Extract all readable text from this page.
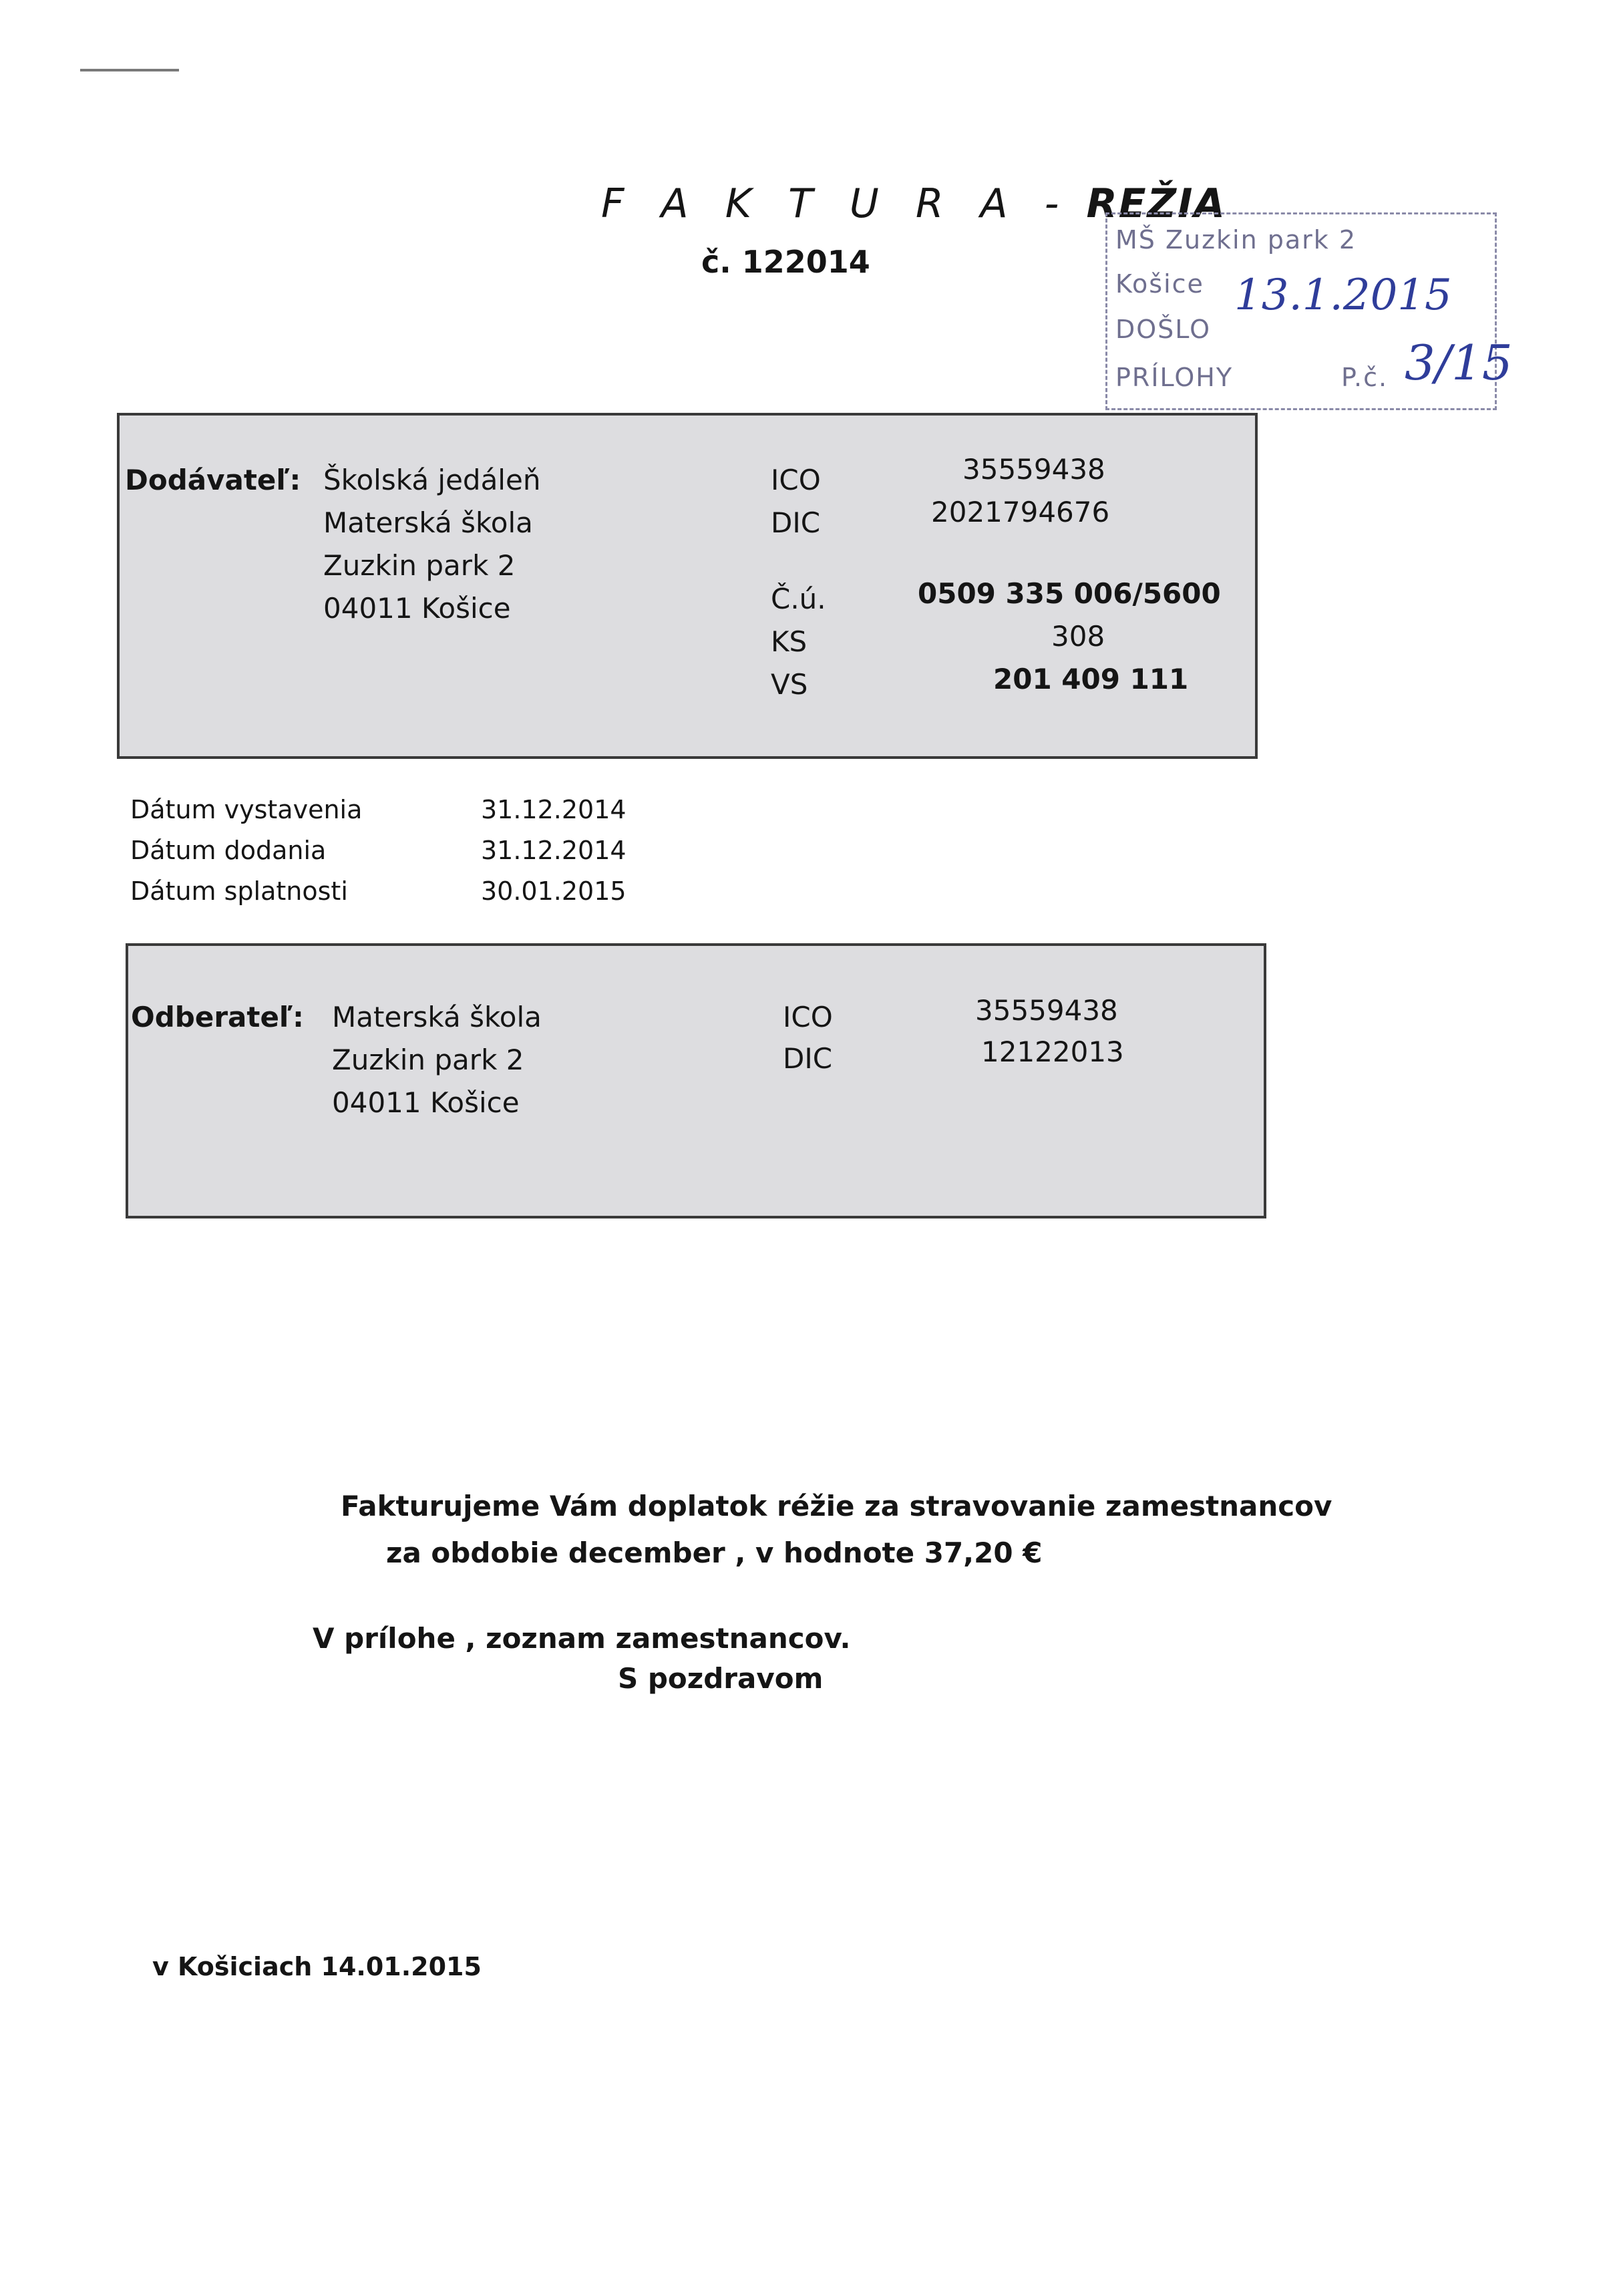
F A K T U R A - REŽIA
č. 122014
MŠ Zuzkin park 2
Košice
DOŠLO
PRÍLOHY	P.č.
13.1.2015
3/15
Dodávateľ: Školská jedáleň
Materská škola
Zuzkin park 2
04011 Košice
ICO	35559438
DIC	2021794676
Č.ú.	0509 335 006/5600
KS	308
VS	201 409 111
Dátum vystavenia	31.12.2014
Dátum dodania	31.12.2014
Dátum splatnosti	30.01.2015
Odberateľ: Materská škola
Zuzkin park 2
04011 Košice
ICO	35559438
DIC	12122013
Fakturujeme Vám doplatok réžie za stravovanie zamestnancov
za obdobie december , v hodnote 37,20 €
V prílohe , zoznam zamestnancov.
S pozdravom
v Košiciach 14.01.2015
